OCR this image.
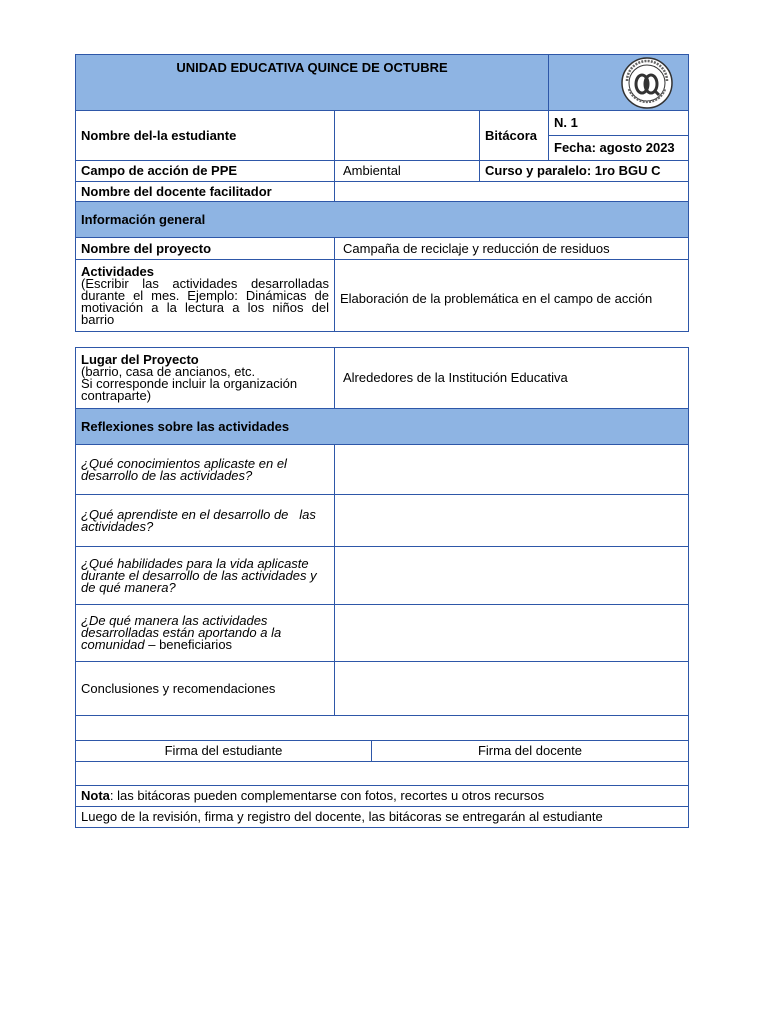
UNIDAD EDUCATIVA QUINCE DE OCTUBRE	

Nombre del-la estudiante		Bitácora	N. 1
			Fecha: agosto 2023
Campo de acción de PPE	Ambiental	Curso y paralelo: 1ro BGU C	
Nombre del docente facilitador			
Información general			
Nombre del proyecto	Campaña de reciclaje y reducción de residuos		

Actividades
(Escribir las actividades desarrolladas durante el mes. Ejemplo: Dinámicas de motivación a la lectura a los niños del barrio	Elaboración de la problemática en el campo de acción		
Lugar del Proyecto
(barrio, casa de ancianos, etc.
Si corresponde incluir la organización contraparte)	Alrededores de la Institución Educativa	
Reflexiones sobre las actividades		
¿Qué conocimientos aplicaste en el desarrollo de las actividades?		
¿Qué aprendiste en el desarrollo de   las actividades?		
¿Qué habilidades para la vida aplicaste durante el desarrollo de las actividades y de qué manera?		
¿De qué manera las actividades desarrolladas están aportando a la comunidad – beneficiarios		
Conclusiones y recomendaciones		

Firma del estudiante		Firma del docente

Nota: las bitácoras pueden complementarse con fotos, recortes u otros recursos		
Luego de la revisión, firma y registro del docente, las bitácoras se entregarán al estudiante		
